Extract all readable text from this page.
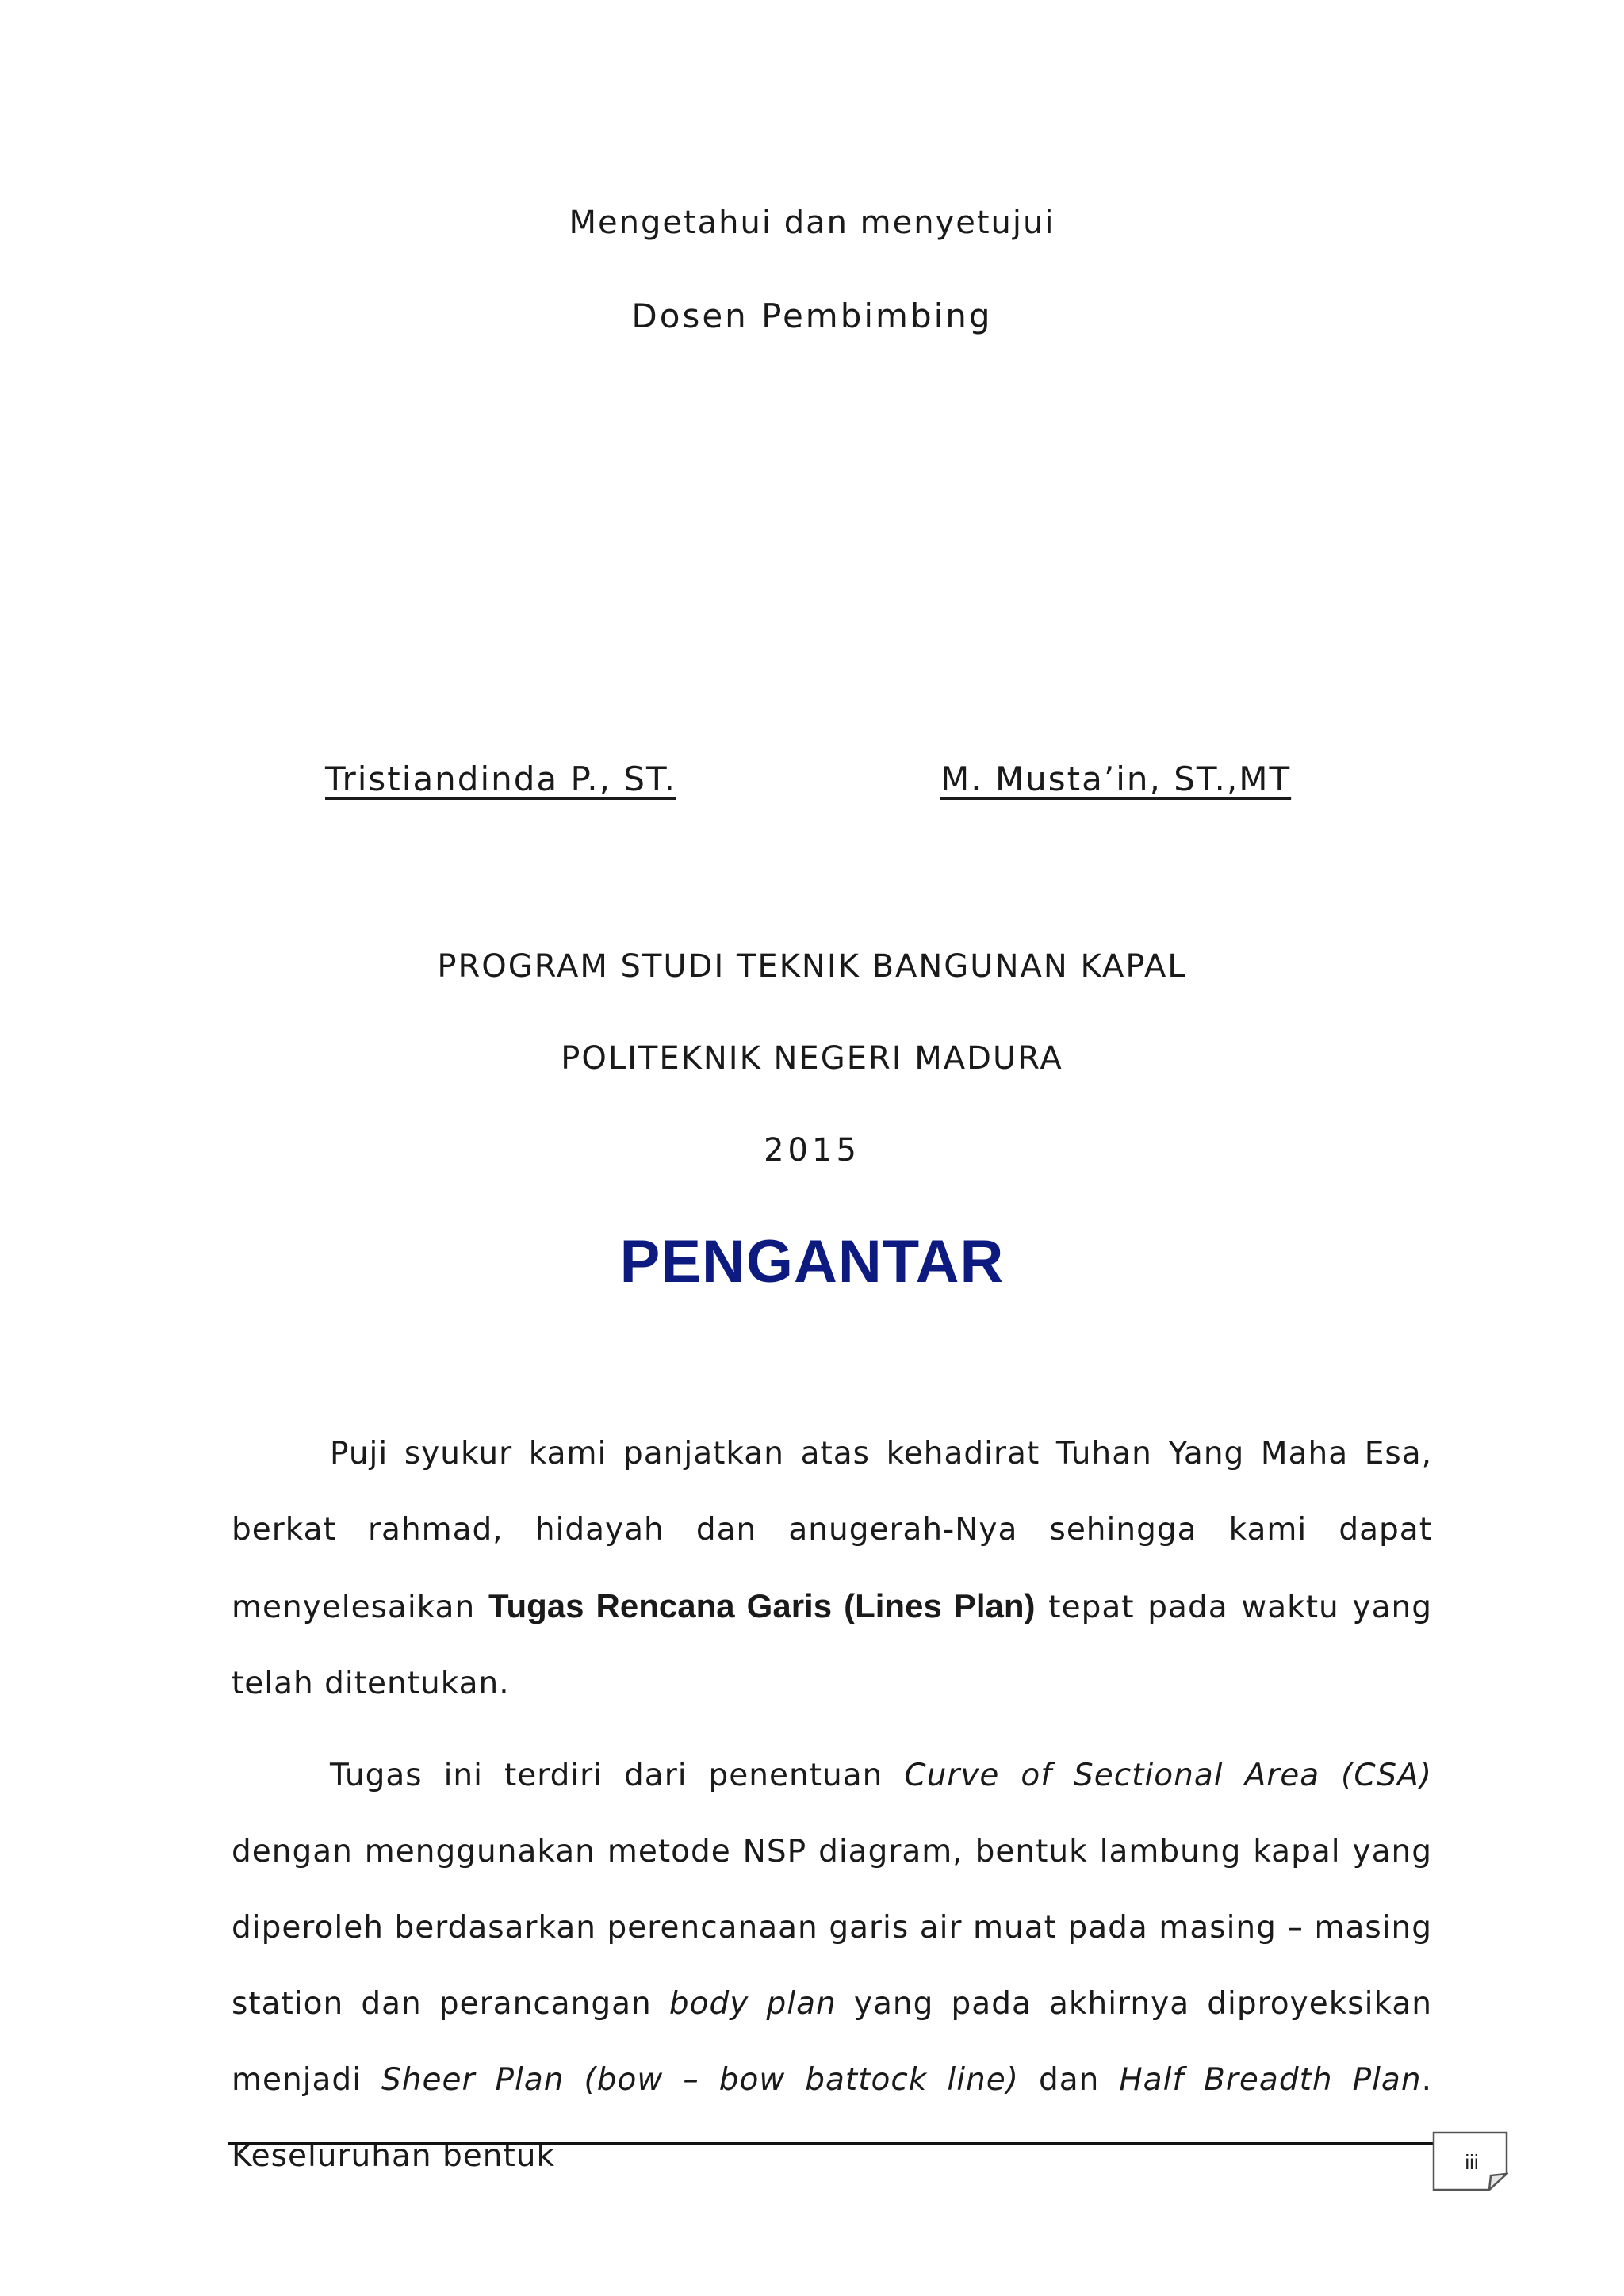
Mengetahui dan menyetujui
Dosen Pembimbing
Tristiandinda P., ST.	M. Musta’in, ST.,MT
PROGRAM STUDI TEKNIK BANGUNAN KAPAL
POLITEKNIK NEGERI MADURA
2015
PENGANTAR

Puji syukur kami panjatkan atas kehadirat Tuhan Yang Maha Esa, berkat rahmad, hidayah dan anugerah-Nya sehingga kami dapat menyelesaikan Tugas Rencana Garis (Lines Plan) tepat pada waktu yang telah ditentukan.

Tugas ini terdiri dari penentuan Curve of Sectional Area (CSA) dengan menggunakan metode NSP diagram, bentuk lambung kapal yang diperoleh berdasarkan perencanaan garis air muat pada masing – masing station dan perancangan body plan yang pada akhirnya diproyeksikan menjadi Sheer Plan (bow – bow battock line) dan Half Breadth Plan. Keseluruhan bentuk	iii
